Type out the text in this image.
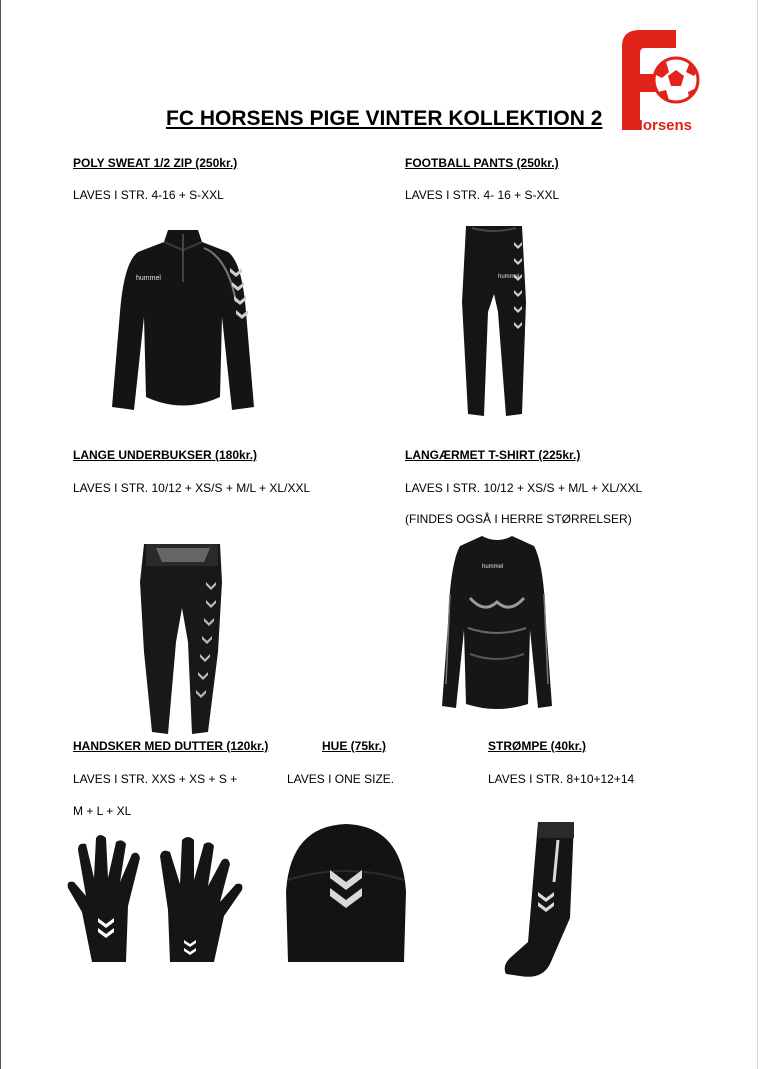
Horsens
FC HORSENS PIGE VINTER KOLLEKTION 2
POLY SWEAT 1/2 ZIP (250kr.)
LAVES I STR. 4-16 + S-XXL
hummel
FOOTBALL PANTS (250kr.)
LAVES I STR. 4- 16 + S-XXL
hummel
LANGE UNDERBUKSER (180kr.)
LAVES I STR. 10/12 + XS/S + M/L + XL/XXL
LANGÆRMET T-SHIRT (225kr.)
LAVES I STR. 10/12 + XS/S + M/L + XL/XXL
(FINDES OGSÅ I HERRE STØRRELSER)
hummel
HANDSKER MED DUTTER (120kr.)
LAVES I STR. XXS + XS + S +
M + L + XL
HUE (75kr.)
LAVES I ONE SIZE.
STRØMPE (40kr.)
LAVES I STR. 8+10+12+14
